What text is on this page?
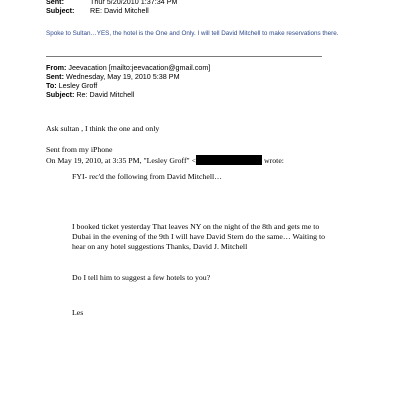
Sent:	Thur 5/20/2010 1:37:34 PM
Subject: RE: David Mitchell
Spoke to Sultan…YES, the hotel is the One and Only. I will tell David Mitchell to make reservations there.
From: Jeevacation [mailto:jeevacation@gmail.com]
Sent: Wednesday, May 19, 2010 5:38 PM
To: Lesley Groff
Subject: Re: David Mitchell
Ask sultan , I think the one and only
Sent from my iPhone
On May 19, 2010, at 3:35 PM, "Lesley Groff" <	wrote:
FYI- rec'd the following from David Mitchell…
I booked ticket yesterday That leaves NY on the night of the 8th and gets me to
Dubai in the evening of the 9th I will have David Stern do the same… Waiting to
hear on any hotel suggestions Thanks, David J. Mitchell
Do I tell him to suggest a few hotels to you?
Les
